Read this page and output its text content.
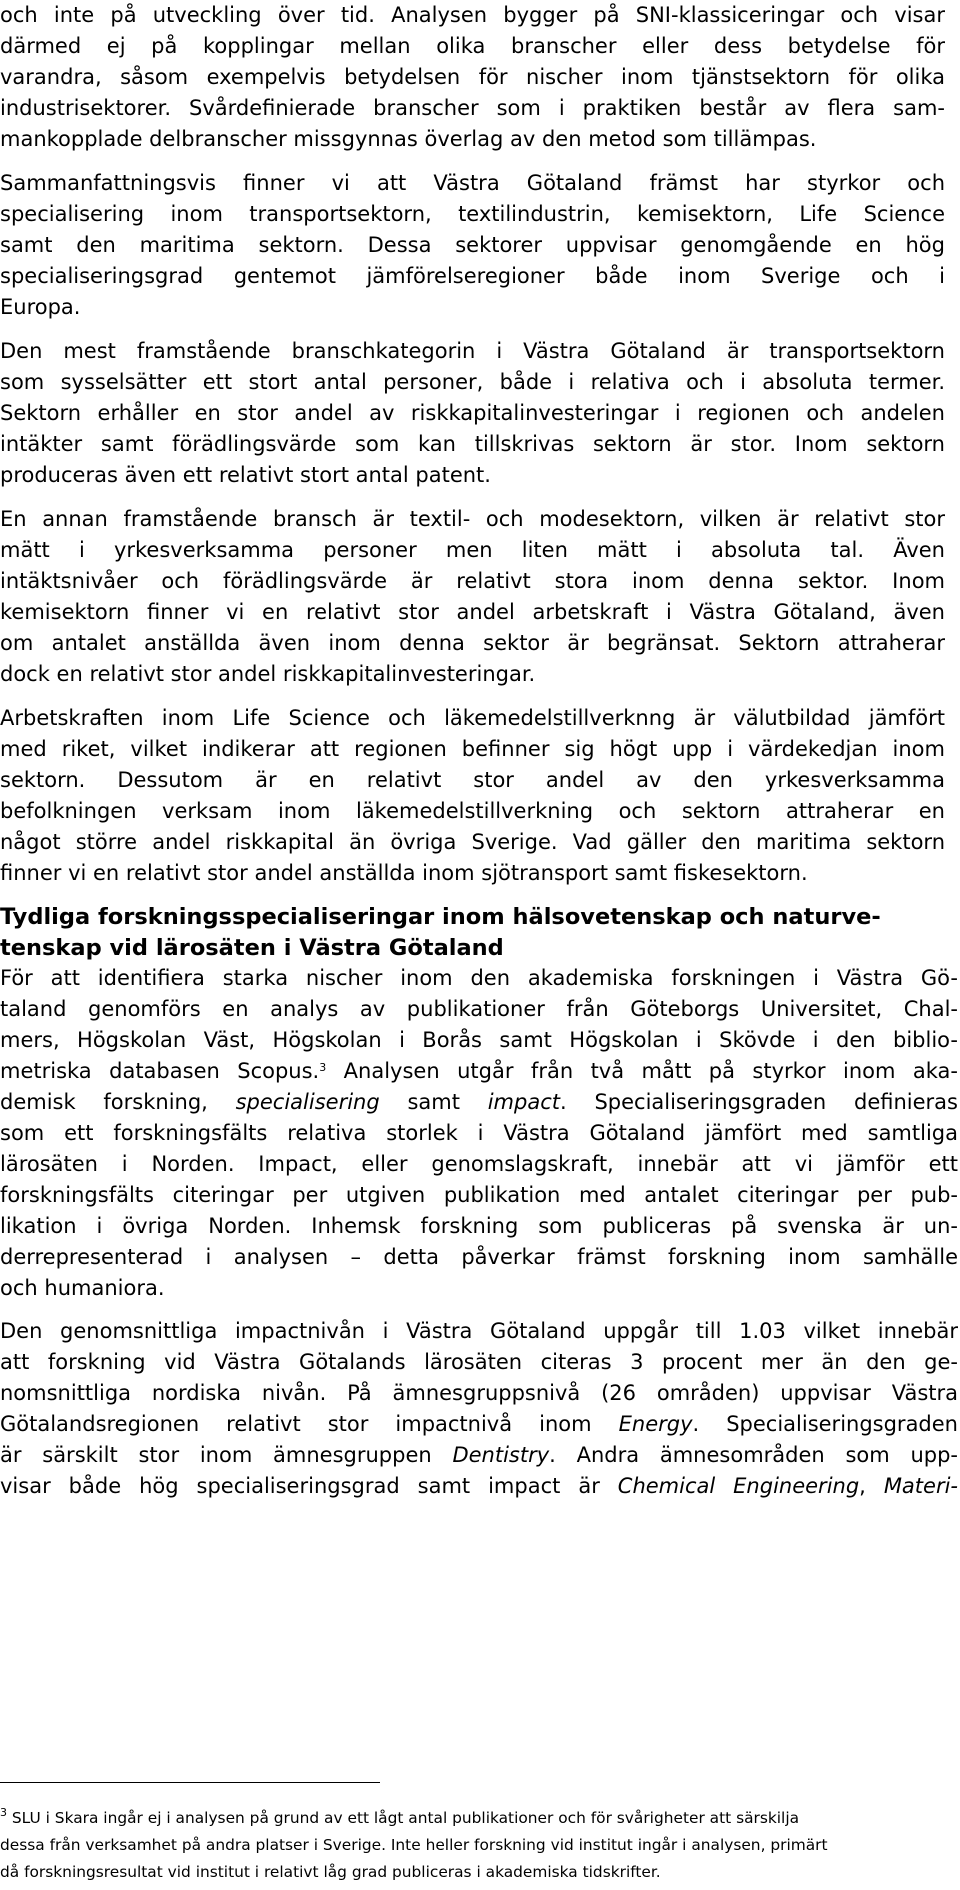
och inte på utveckling över tid. Analysen bygger på SNI-klassiceringar och visar
därmed ej på kopplingar mellan olika branscher eller dess betydelse för
varandra, såsom exempelvis betydelsen för nischer inom tjänstsektorn för olika
industrisektorer. Svårdefinierade branscher som i praktiken består av flera sam-
mankopplade delbranscher missgynnas överlag av den metod som tillämpas.
Sammanfattningsvis finner vi att Västra Götaland främst har styrkor och
specialisering inom transportsektorn, textilindustrin, kemisektorn, Life Science
samt den maritima sektorn. Dessa sektorer uppvisar genomgående en hög
specialiseringsgrad gentemot jämförelseregioner både inom Sverige och i
Europa.
Den mest framstående branschkategorin i Västra Götaland är transportsektorn
som sysselsätter ett stort antal personer, både i relativa och i absoluta termer.
Sektorn erhåller en stor andel av riskkapitalinvesteringar i regionen och andelen
intäkter samt förädlingsvärde som kan tillskrivas sektorn är stor. Inom sektorn
produceras även ett relativt stort antal patent.
En annan framstående bransch är textil- och modesektorn, vilken är relativt stor
mätt i yrkesverksamma personer men liten mätt i absoluta tal. Även
intäktsnivåer och förädlingsvärde är relativt stora inom denna sektor. Inom
kemisektorn finner vi en relativt stor andel arbetskraft i Västra Götaland, även
om antalet anställda även inom denna sektor är begränsat. Sektorn attraherar
dock en relativt stor andel riskkapitalinvesteringar.
Arbetskraften inom Life Science och läkemedelstillverknng är välutbildad jämfört
med riket, vilket indikerar att regionen befinner sig högt upp i värdekedjan inom
sektorn. Dessutom är en relativt stor andel av den yrkesverksamma
befolkningen verksam inom läkemedelstillverkning och sektorn attraherar en
något större andel riskkapital än övriga Sverige. Vad gäller den maritima sektorn
finner vi en relativt stor andel anställda inom sjötransport samt fiskesektorn.
Tydliga forskningsspecialiseringar inom hälsovetenskap och naturve-
tenskap vid lärosäten i Västra Götaland
För att identifiera starka nischer inom den akademiska forskningen i Västra Gö-
taland genomförs en analys av publikationer från Göteborgs Universitet, Chal-
mers, Högskolan Väst, Högskolan i Borås samt Högskolan i Skövde i den biblio-
metriska databasen Scopus.$^3$ Analysen utgår från två mått på styrkor inom aka-
demisk forskning, specialisering samt impact. Specialiseringsgraden definieras
som ett forskningsfälts relativa storlek i Västra Götaland jämfört med samtliga
lärosäten i Norden. Impact, eller genomslagskraft, innebär att vi jämför ett
forskningsfälts citeringar per utgiven publikation med antalet citeringar per pub-
likation i övriga Norden. Inhemsk forskning som publiceras på svenska är un-
derrepresenterad i analysen – detta påverkar främst forskning inom samhälle
och humaniora.
Den genomsnittliga impactnivån i Västra Götaland uppgår till 1.03 vilket innebär
att forskning vid Västra Götalands lärosäten citeras 3 procent mer än den ge-
nomsnittliga nordiska nivån. På ämnesgruppsnivå (26 områden) uppvisar Västra
Götalandsregionen relativt stor impactnivå inom Energy. Specialiseringsgraden
är särskilt stor inom ämnesgruppen Dentistry. Andra ämnesområden som upp-
visar både hög specialiseringsgrad samt impact är Chemical Engineering, Materi-
$^3$ SLU i Skara ingår ej i analysen på grund av ett lågt antal publikationer och för svårigheter att särskilja
dessa från verksamhet på andra platser i Sverige. Inte heller forskning vid institut ingår i analysen, primärt
då forskningsresultat vid institut i relativt låg grad publiceras i akademiska tidskrifter.
